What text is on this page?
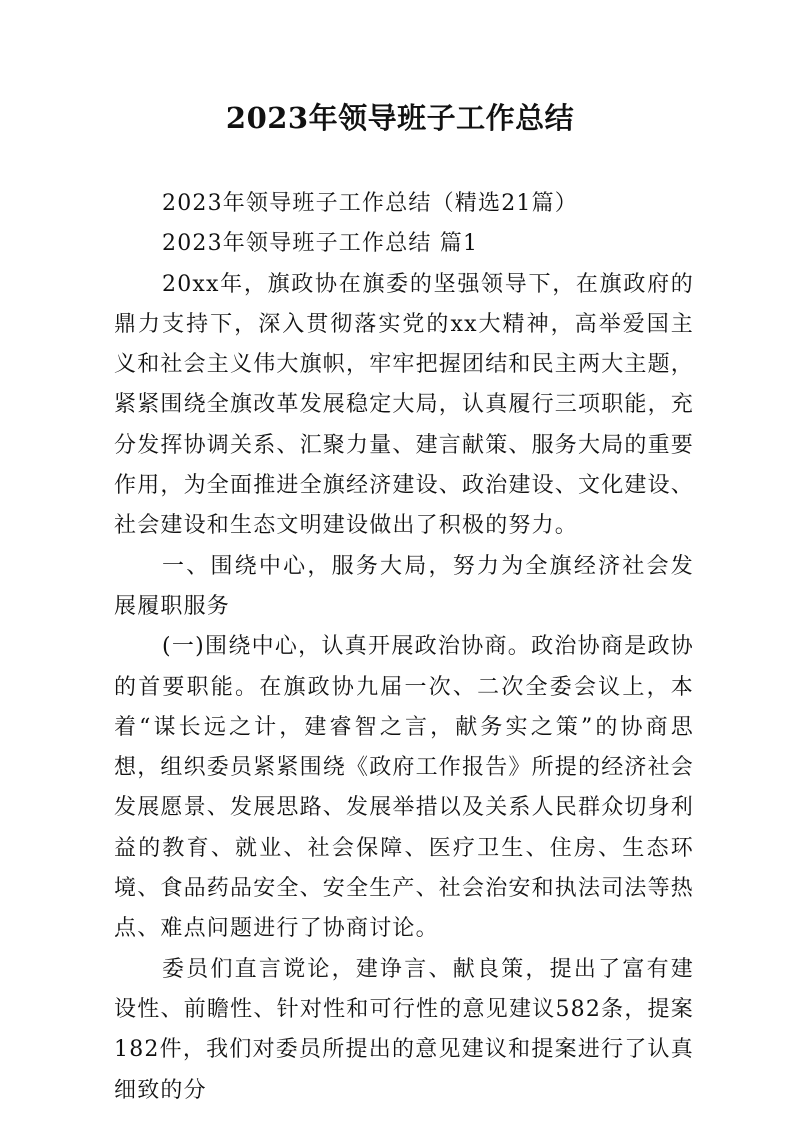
2023年领导班子工作总结

2023年领导班子工作总结（精选21篇）

2023年领导班子工作总结 篇1

20xx年，旗政协在旗委的坚强领导下，在旗政府的鼎力支持下，深入贯彻落实党的xx大精神，高举爱国主义和社会主义伟大旗帜，牢牢把握团结和民主两大主题，紧紧围绕全旗改革发展稳定大局，认真履行三项职能，充分发挥协调关系、汇聚力量、建言献策、服务大局的重要作用，为全面推进全旗经济建设、政治建设、文化建设、社会建设和生态文明建设做出了积极的努力。

一、围绕中心，服务大局，努力为全旗经济社会发展履职服务

(一)围绕中心，认真开展政治协商。政治协商是政协的首要职能。在旗政协九届一次、二次全委会议上，本着“谋长远之计，建睿智之言，献务实之策”的协商思想，组织委员紧紧围绕《政府工作报告》所提的经济社会发展愿景、发展思路、发展举措以及关系人民群众切身利益的教育、就业、社会保障、医疗卫生、住房、生态环境、食品药品安全、安全生产、社会治安和执法司法等热点、难点问题进行了协商讨论。

委员们直言谠论，建诤言、献良策，提出了富有建设性、前瞻性、针对性和可行性的意见建议582条，提案182件，我们对委员所提出的意见建议和提案进行了认真细致的分
